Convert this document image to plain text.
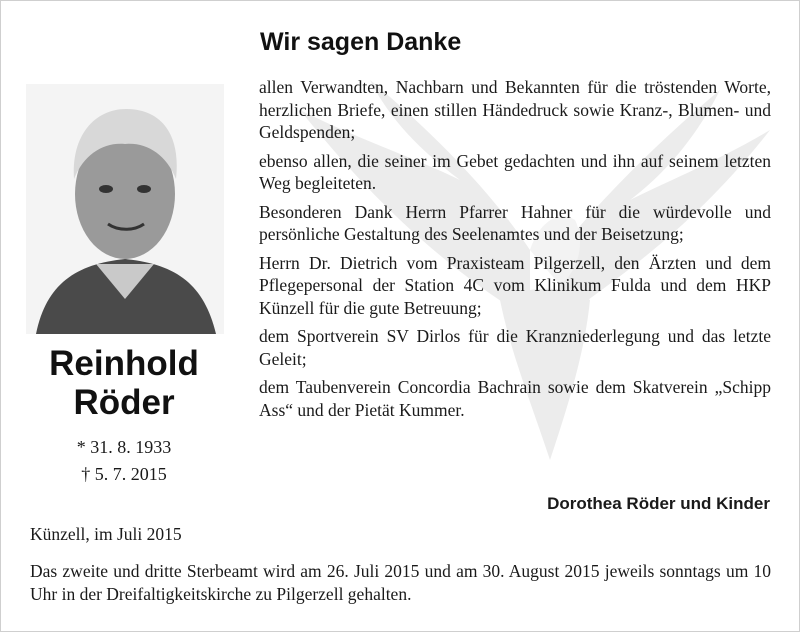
Reinhold
Röder
* 31. 8. 1933
† 5. 7. 2015
Wir sagen Danke

allen Verwandten, Nachbarn und Bekannten für die tröstenden Worte, herzlichen Briefe, einen stillen Händedruck sowie Kranz-, Blumen- und Geldspenden;

ebenso allen, die seiner im Gebet gedachten und ihn auf seinem letzten Weg begleiteten.

Besonderen Dank Herrn Pfarrer Hahner für die würdevolle und persönliche Gestaltung des Seelenamtes und der Beisetzung;

Herrn Dr. Dietrich vom Praxisteam Pilgerzell, den Ärzten und dem Pflegepersonal der Station 4C vom Klinikum Fulda und dem HKP Künzell für die gute Betreuung;

dem Sportverein SV Dirlos für die Kranzniederlegung und das letzte Geleit;

dem Taubenverein Concordia Bachrain sowie dem Skatverein „Schipp Ass“ und der Pietät Kummer.

Dorothea Röder und Kinder
Künzell, im Juli 2015
Das zweite und dritte Sterbeamt wird am 26. Juli 2015 und am 30. August 2015 jeweils sonntags um 10 Uhr in der Dreifaltigkeitskirche zu Pilgerzell gehalten.
